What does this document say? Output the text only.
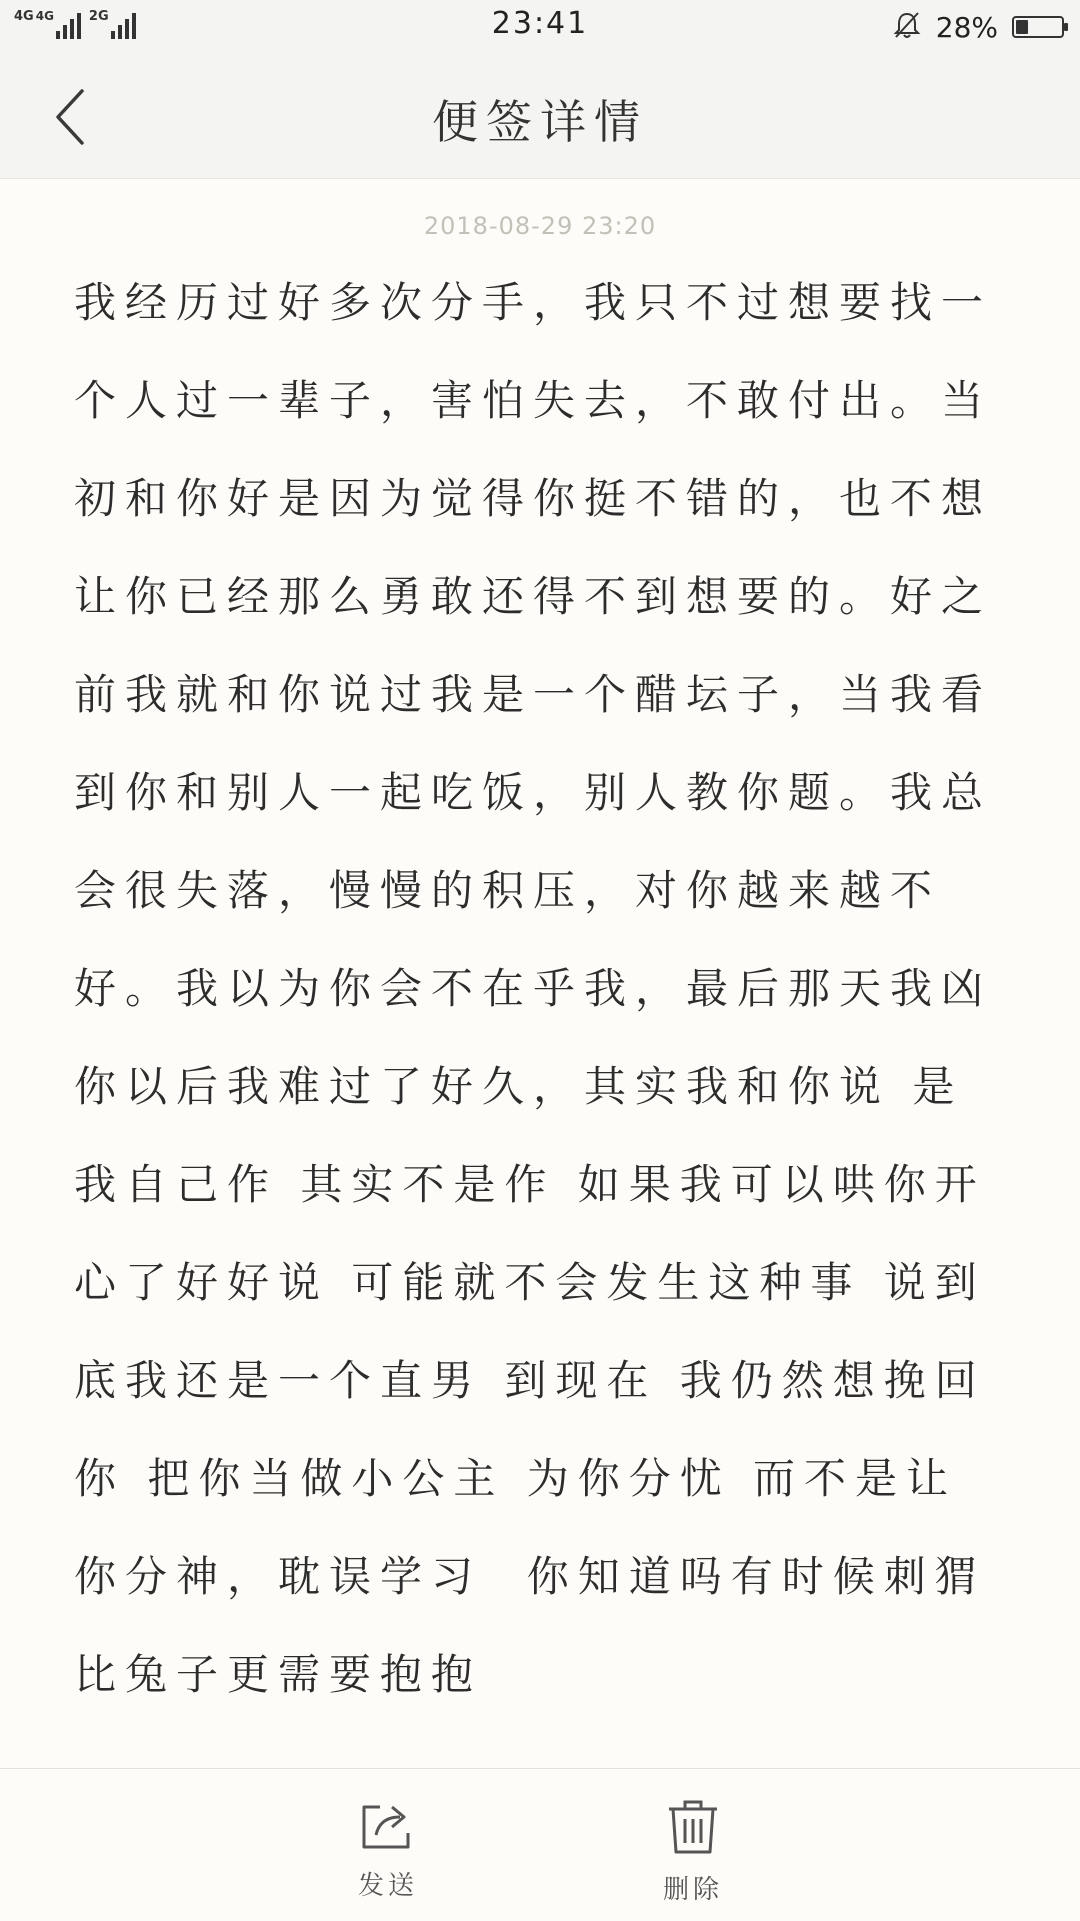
4G 4G	2G	23:41	28%
便签详情
2018-08-29 23:20
我经历过好多次分手，我只不过想要找一个人过一辈子，害怕失去，不敢付出。当初和你好是因为觉得你挺不错的，也不想让你已经那么勇敢还得不到想要的。好之前我就和你说过我是一个醋坛子，当我看到你和别人一起吃饭，别人教你题。我总会很失落，慢慢的积压，对你越来越不好。我以为你会不在乎我，最后那天我凶你以后我难过了好久，其实我和你说 是我自己作 其实不是作 如果我可以哄你开心了好好说 可能就不会发生这种事 说到底我还是一个直男 到现在 我仍然想挽回你 把你当做小公主 为你分忧 而不是让你分神，耽误学习  你知道吗有时候刺猬比兔子更需要抱抱
发送	删除
